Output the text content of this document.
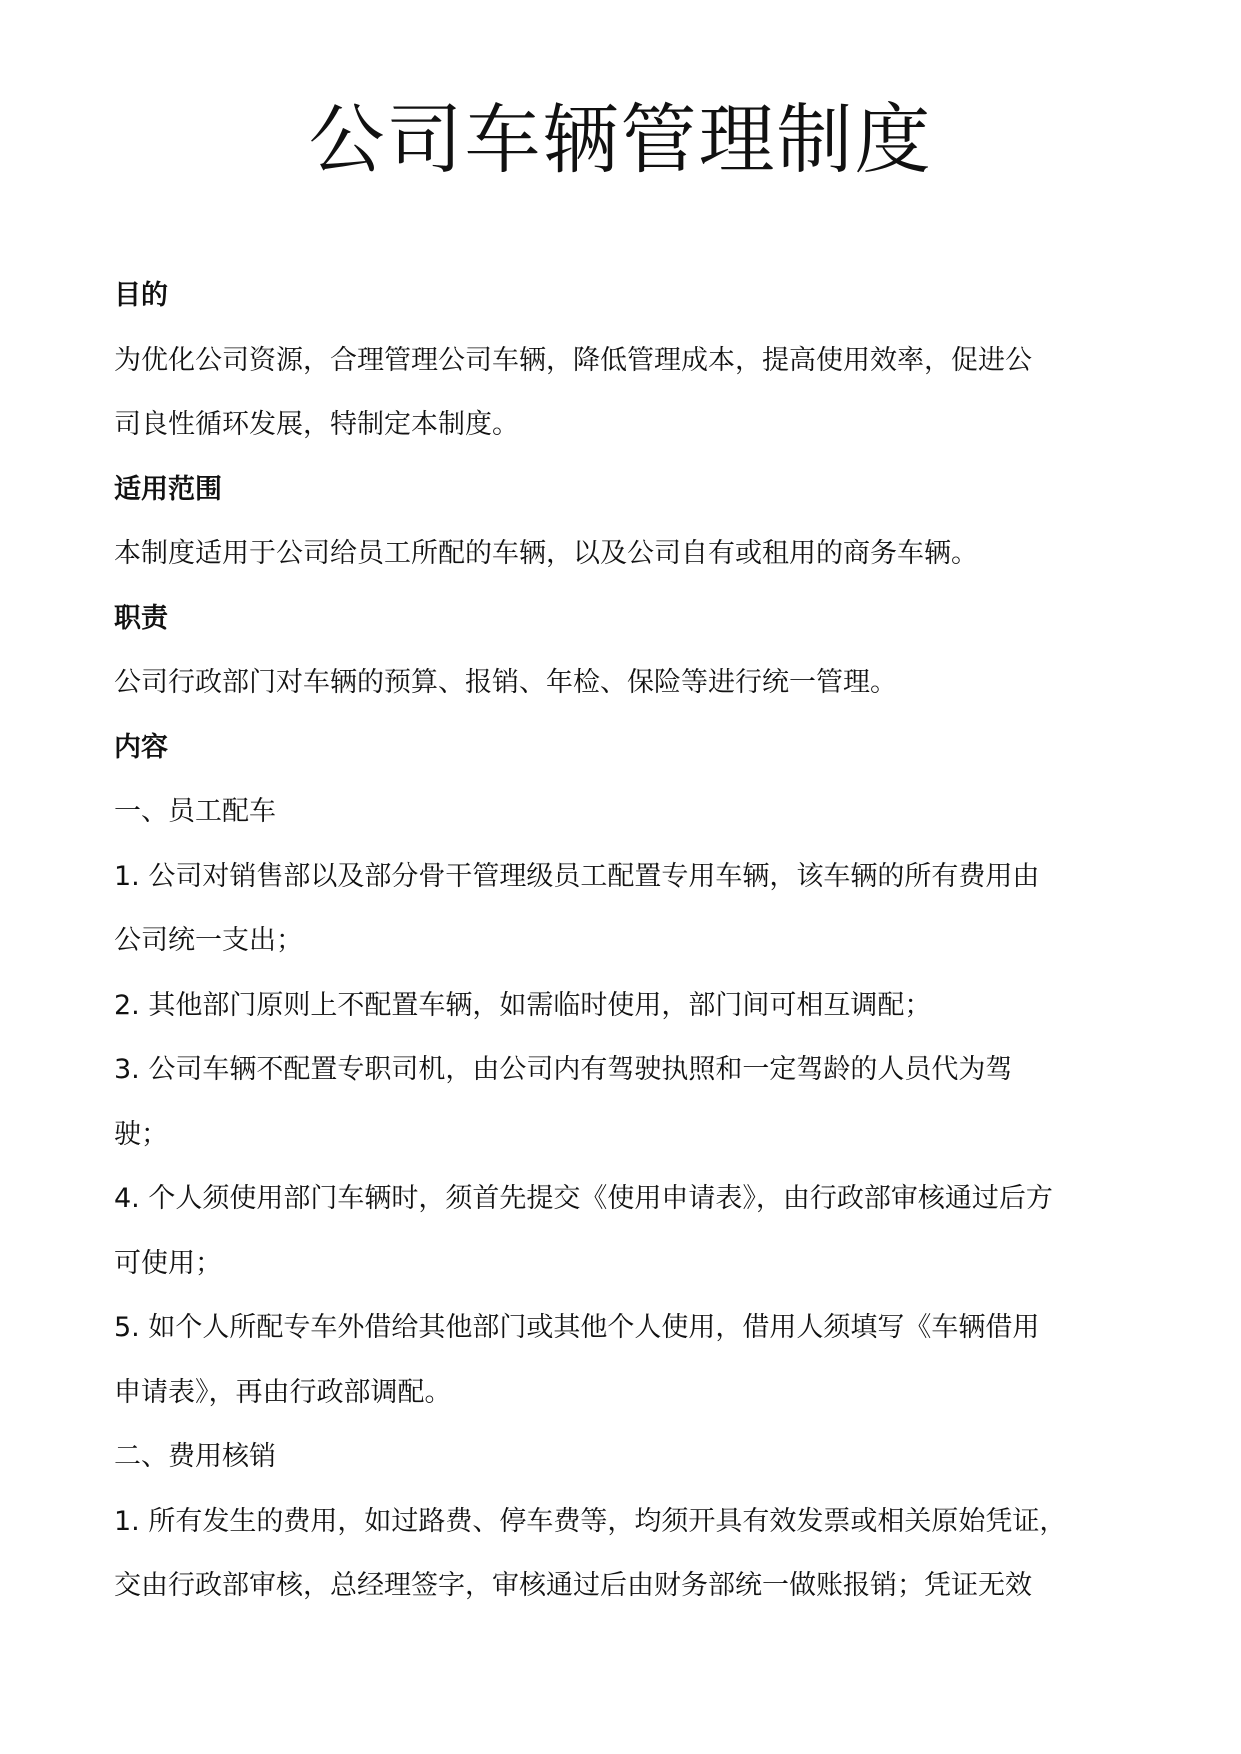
公司车辆管理制度

目的

为优化公司资源，合理管理公司车辆，降低管理成本，提高使用效率，促进公

司良性循环发展，特制定本制度。

适用范围

本制度适用于公司给员工所配的车辆，以及公司自有或租用的商务车辆。

职责

公司行政部门对车辆的预算、报销、年检、保险等进行统一管理。

内容

一、员工配车

1. 公司对销售部以及部分骨干管理级员工配置专用车辆，该车辆的所有费用由

公司统一支出；

2. 其他部门原则上不配置车辆，如需临时使用，部门间可相互调配；

3. 公司车辆不配置专职司机，由公司内有驾驶执照和一定驾龄的人员代为驾

驶；

4. 个人须使用部门车辆时，须首先提交《使用申请表》，由行政部审核通过后方

可使用；

5. 如个人所配专车外借给其他部门或其他个人使用，借用人须填写《车辆借用

申请表》，再由行政部调配。

二、费用核销

1. 所有发生的费用，如过路费、停车费等，均须开具有效发票或相关原始凭证，

交由行政部审核，总经理签字，审核通过后由财务部统一做账报销；凭证无效
